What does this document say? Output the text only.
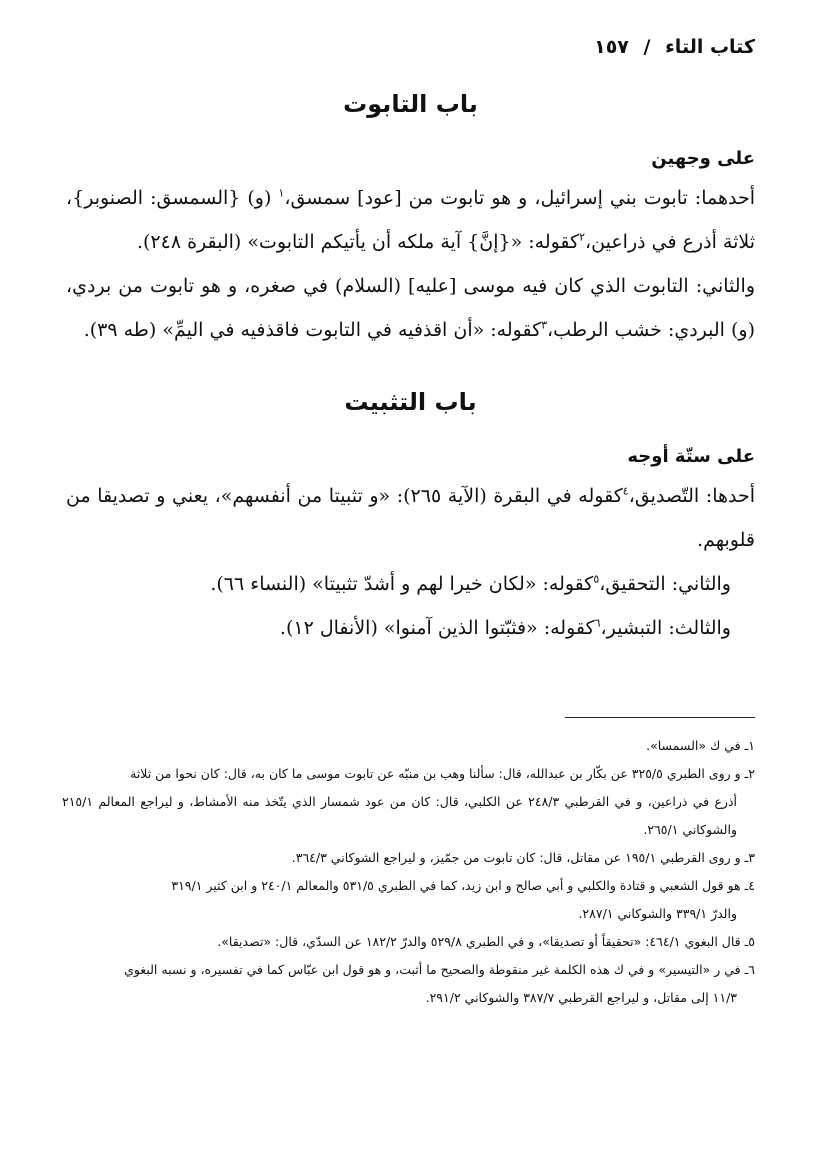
كتاب التاء / ١٥٧
باب التابوت
على وجهين

أحدهما: تابوت بني إسرائيل، و هو تابوت من [عود] سمسق،$^١$ (و) {السمسق: الصنوبر}، ثلاثة أذرع في ذراعين،$^٢$كقوله: «{إنَّ} آية ملكه أن يأتيكم التابوت» (البقرة ٢٤٨).

والثاني: التابوت الذي كان فيه موسى [عليه] (السلام) في صغره، و هو تابوت من بردي، (و) البردي: خشب الرطب،$^٣$كقوله: «أن اقذفيه في التابوت فاقذفيه في اليمِّ» (طه ٣٩).

باب التثبيت
على ستّة أوجه

أحدها: التّصديق،$^٤$كقوله في البقرة (الآية ٢٦٥): «و تثبيتا من أنفسهم»، يعني و تصديقا من قلوبهم.

والثاني: التحقيق،$^٥$كقوله: «لكان خيرا لهم و أشدّ تثبيتا» (النساء ٦٦).

والثالث: التبشير،$^٦$كقوله: «فثبّتوا الذين آمنوا» (الأنفال ١٢).

١ـ في ك «السمسا».

٢ـ و روى الطبري ٣٢٥/٥ عن بكّار بن عبدالله، قال: سألنا وهب بن منبّه عن تابوت موسى ما كان به، قال: كان نحوا من ثلاثة
أذرع في ذراعين، و في القرطبي ٢٤٨/٣ عن الكلبي، قال: كان من عود شمسار الذي يتّخذ منه الأمشاط، و ليراجع المعالم ٢١٥/١ والشوكاني ٢٦٥/١.

٣ـ و روى القرطبي ١٩٥/١ عن مقاتل، قال: كان تابوت من جمّيز، و ليراجع الشوكاني ٣٦٤/٣.

٤ـ هو قول الشعبي و قتادة والكلبي و أبي صالح و ابن زيد، كما في الطبري ٥٣١/٥ والمعالم ٢٤٠/١ و ابن كثير ٣١٩/١
والدرّ ٣٣٩/١ والشوكاني ٢٨٧/١.

٥ـ قال البغوي ٤٦٤/١: «تحقيقاً أو تصديقا»، و في الطبري ٥٢٩/٨ والدرّ ١٨٢/٢ عن السدّي، قال: «تصديقا».

٦ـ في ر «التيسير» و في ك هذه الكلمة غير منقوطة والصحيح ما أثبت، و هو قول ابن عبّاس كما في تفسيره، و نسبه البغوي
١١/٣ إلى مقاتل، و ليراجع القرطبي ٣٨٧/٧ والشوكاني ٢٩١/٢.
